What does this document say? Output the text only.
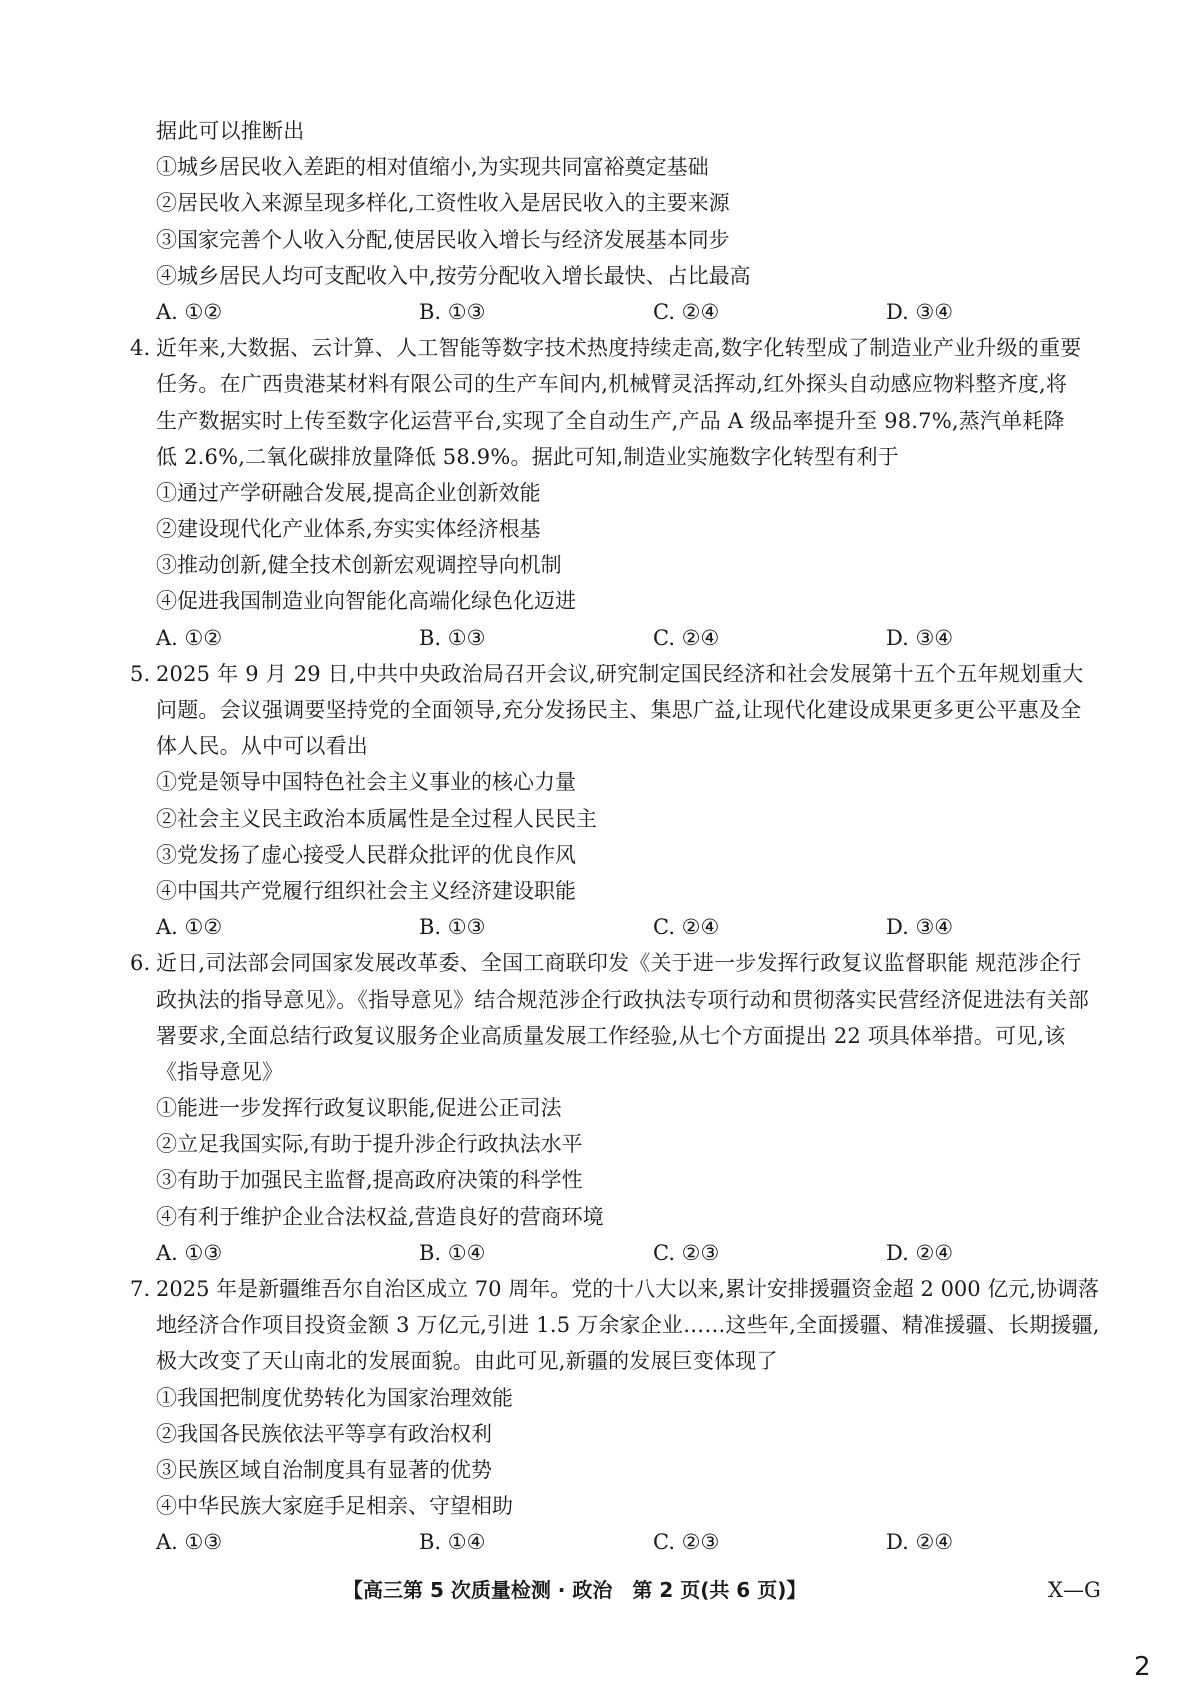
据此可以推断出
①城乡居民收入差距的相对值缩小,为实现共同富裕奠定基础
②居民收入来源呈现多样化,工资性收入是居民收入的主要来源
③国家完善个人收入分配,使居民收入增长与经济发展基本同步
④城乡居民人均可支配收入中,按劳分配收入增长最快、占比最高
A. ①②	B. ①③	C. ②④	D. ③④
4. 近年来,大数据、云计算、人工智能等数字技术热度持续走高,数字化转型成了制造业产业升级的重要
任务。在广西贵港某材料有限公司的生产车间内,机械臂灵活挥动,红外探头自动感应物料整齐度,将
生产数据实时上传至数字化运营平台,实现了全自动生产,产品 A 级品率提升至 98.7%,蒸汽单耗降
低 2.6%,二氧化碳排放量降低 58.9%。据此可知,制造业实施数字化转型有利于
①通过产学研融合发展,提高企业创新效能
②建设现代化产业体系,夯实实体经济根基
③推动创新,健全技术创新宏观调控导向机制
④促进我国制造业向智能化高端化绿色化迈进
A. ①②	B. ①③	C. ②④	D. ③④
5. 2025 年 9 月 29 日,中共中央政治局召开会议,研究制定国民经济和社会发展第十五个五年规划重大
问题。会议强调要坚持党的全面领导,充分发扬民主、集思广益,让现代化建设成果更多更公平惠及全
体人民。从中可以看出
①党是领导中国特色社会主义事业的核心力量
②社会主义民主政治本质属性是全过程人民民主
③党发扬了虚心接受人民群众批评的优良作风
④中国共产党履行组织社会主义经济建设职能
A. ①②	B. ①③	C. ②④	D. ③④
6. 近日,司法部会同国家发展改革委、全国工商联印发《关于进一步发挥行政复议监督职能 规范涉企行
政执法的指导意见》。《指导意见》结合规范涉企行政执法专项行动和贯彻落实民营经济促进法有关部
署要求,全面总结行政复议服务企业高质量发展工作经验,从七个方面提出 22 项具体举措。可见,该
《指导意见》
①能进一步发挥行政复议职能,促进公正司法
②立足我国实际,有助于提升涉企行政执法水平
③有助于加强民主监督,提高政府决策的科学性
④有利于维护企业合法权益,营造良好的营商环境
A. ①③	B. ①④	C. ②③	D. ②④
7. 2025 年是新疆维吾尔自治区成立 70 周年。党的十八大以来,累计安排援疆资金超 2 000 亿元,协调落
地经济合作项目投资金额 3 万亿元,引进 1.5 万余家企业……这些年,全面援疆、精准援疆、长期援疆,
极大改变了天山南北的发展面貌。由此可见,新疆的发展巨变体现了
①我国把制度优势转化为国家治理效能
②我国各民族依法平等享有政治权利
③民族区域自治制度具有显著的优势
④中华民族大家庭手足相亲、守望相助
A. ①③	B. ①④	C. ②③	D. ②④
【高三第 5 次质量检测 · 政治　第 2 页(共 6 页)】	X—G
2
